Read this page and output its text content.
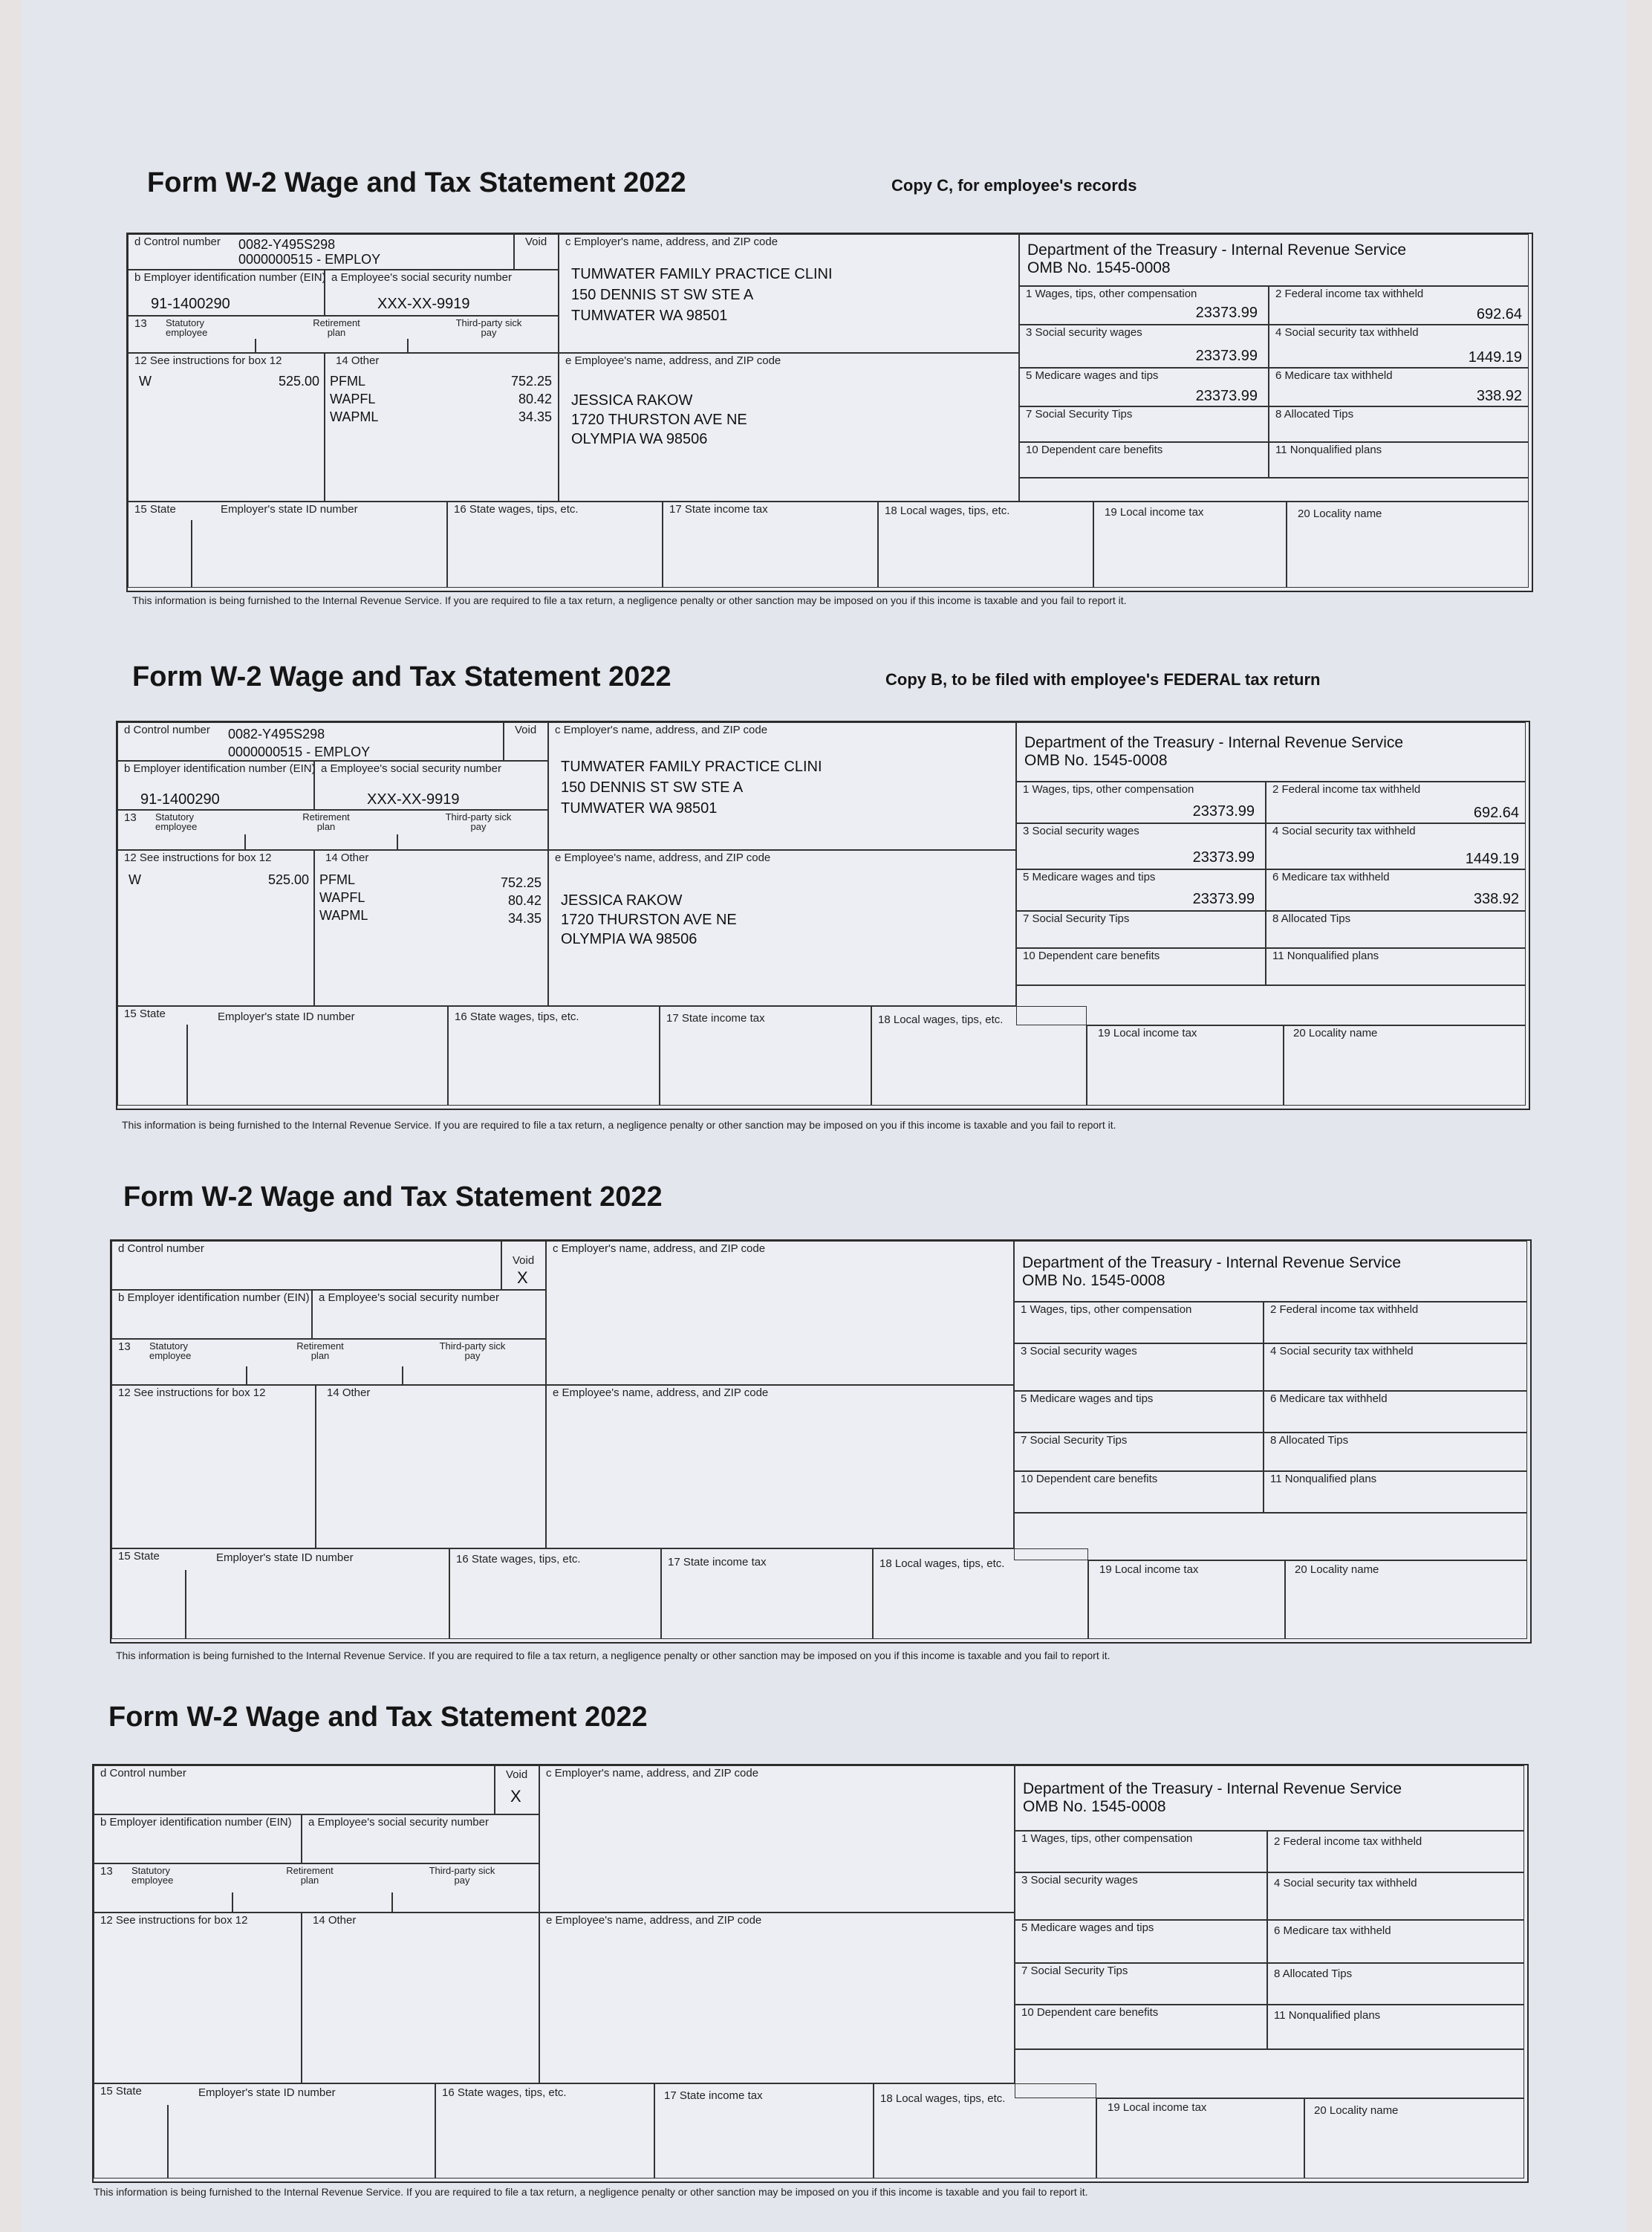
Form W-2 Wage and Tax Statement 2022	Copy C, for employee's records
d Control number 0082-Y495S298
0000000515 - EMPLOY
Void
b Employer identification number (EIN)
91-1400290
a Employee's social security number
XXX-XX-9919
13 Statutory employee
Retirement plan
Third-party sick pay
12 See instructions for box 12
W	525.00
14 Other
PFML	752.25
WAPFL	80.42
WAPML	34.35
c Employer's name, address, and ZIP code
TUMWATER FAMILY PRACTICE CLINI
150 DENNIS ST SW STE A
TUMWATER WA 98501
e Employee's name, address, and ZIP code
JESSICA RAKOW
1720 THURSTON AVE NE
OLYMPIA WA 98506
Department of the Treasury - Internal Revenue Service
OMB No. 1545-0008
1 Wages, tips, other compensation
23373.99
2 Federal income tax withheld
692.64
3 Social security wages
23373.99
4 Social security tax withheld
1449.19
5 Medicare wages and tips
23373.99
6 Medicare tax withheld
338.92
7 Social Security Tips	8 Allocated Tips
10 Dependent care benefits	11 Nonqualified plans
15 State	Employer's state ID number	16 State wages, tips, etc.	17 State income tax	18 Local wages, tips, etc.	19 Local income tax	20 Locality name
This information is being furnished to the Internal Revenue Service. If you are required to file a tax return, a negligence penalty or other sanction may be imposed on you if this income is taxable and you fail to report it.
Form W-2 Wage and Tax Statement 2022	Copy B, to be filed with employee's FEDERAL tax return
d Control number 0082-Y495S298
0000000515 - EMPLOY
Void
b Employer identification number (EIN)
91-1400290
a Employee's social security number
XXX-XX-9919
13 Statutory employee
Retirement plan
Third-party sick pay
12 See instructions for box 12
W	525.00
14 Other
PFML	752.25
WAPFL	80.42
WAPML	34.35
c Employer's name, address, and ZIP code
TUMWATER FAMILY PRACTICE CLINI
150 DENNIS ST SW STE A
TUMWATER WA 98501
e Employee's name, address, and ZIP code
JESSICA RAKOW
1720 THURSTON AVE NE
OLYMPIA WA 98506
Department of the Treasury - Internal Revenue Service
OMB No. 1545-0008
1 Wages, tips, other compensation
23373.99
2 Federal income tax withheld
692.64
3 Social security wages
23373.99
4 Social security tax withheld
1449.19
5 Medicare wages and tips
23373.99
6 Medicare tax withheld
338.92
7 Social Security Tips	8 Allocated Tips
10 Dependent care benefits	11 Nonqualified plans
15 State	Employer's state ID number	16 State wages, tips, etc.	17 State income tax	18 Local wages, tips, etc.
19 Local income tax	20 Locality name
This information is being furnished to the Internal Revenue Service. If you are required to file a tax return, a negligence penalty or other sanction may be imposed on you if this income is taxable and you fail to report it.
Form W-2 Wage and Tax Statement 2022
d Control number
Void
X
b Employer identification number (EIN) a Employee's social security number
13 Statutory employee
Retirement plan
Third-party sick pay
12 See instructions for box 12	14 Other
c Employer's name, address, and ZIP code
e Employee's name, address, and ZIP code
Department of the Treasury - Internal Revenue Service
OMB No. 1545-0008
1 Wages, tips, other compensation	2 Federal income tax withheld
3 Social security wages	4 Social security tax withheld
5 Medicare wages and tips	6 Medicare tax withheld
7 Social Security Tips	8 Allocated Tips
10 Dependent care benefits	11 Nonqualified plans
15 State	Employer's state ID number	16 State wages, tips, etc.	17 State income tax	18 Local wages, tips, etc.	19 Local income tax	20 Locality name
This information is being furnished to the Internal Revenue Service. If you are required to file a tax return, a negligence penalty or other sanction may be imposed on you if this income is taxable and you fail to report it.
Form W-2 Wage and Tax Statement 2022
d Control number	Void
X
b Employer identification number (EIN) a Employee's social security number
13 Statutory employee
Retirement plan
Third-party sick pay
12 See instructions for box 12	14 Other
c Employer's name, address, and ZIP code
e Employee's name, address, and ZIP code
Department of the Treasury - Internal Revenue Service
OMB No. 1545-0008
1 Wages, tips, other compensation	2 Federal income tax withheld
3 Social security wages	4 Social security tax withheld
5 Medicare wages and tips	6 Medicare tax withheld
7 Social Security Tips	8 Allocated Tips
10 Dependent care benefits	11 Nonqualified plans
15 State	Employer's state ID number	16 State wages, tips, etc.	17 State income tax	18 Local wages, tips, etc.
19 Local income tax	20 Locality name
This information is being furnished to the Internal Revenue Service. If you are required to file a tax return, a negligence penalty or other sanction may be imposed on you if this income is taxable and you fail to report it.
